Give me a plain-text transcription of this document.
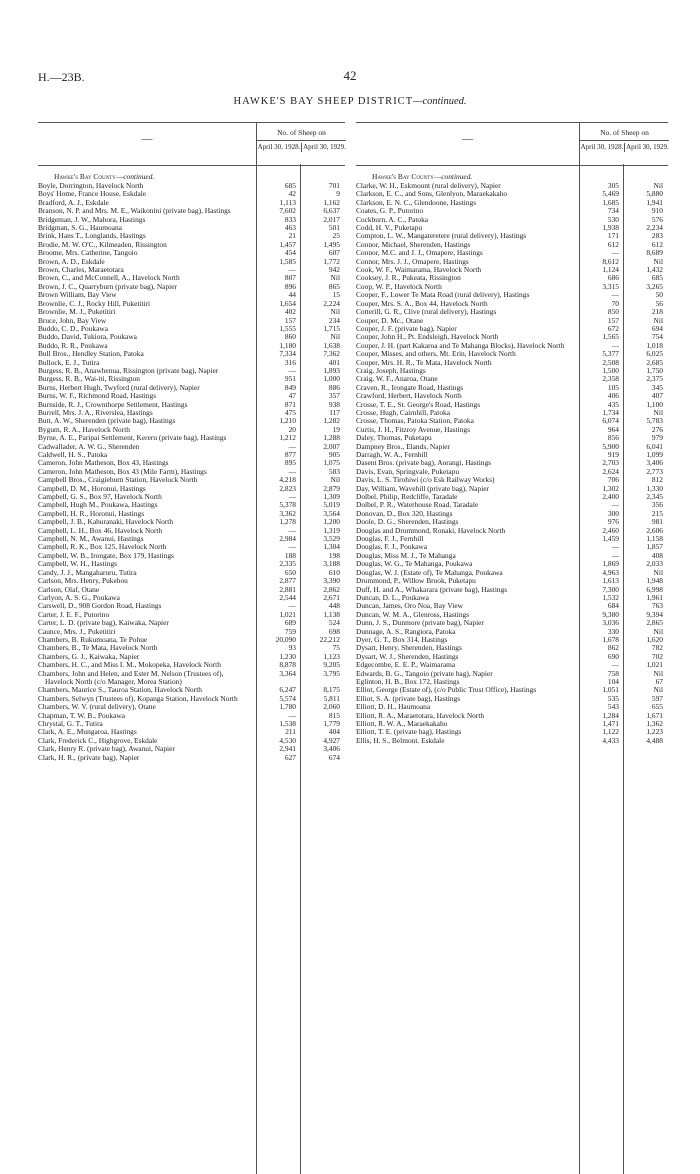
H.—23B.	42
HAWKE'S BAY SHEEP DISTRICT—continued.
—
No. of Sheep on
April 30, 1928. April 30, 1929.
Hawke's Bay County—continued.
Boyle, Dorrington, Havelock North	685	701
Boys' Home, France House, Eskdale	42	9
Bradford, A. J., Eskdale	1,113	1,162
Branson, N. P. and Mrs. M. E., Waikonini (private bag), Hastings	7,602	6,637
Bridgeman, J. W., Mahora, Hastings	833	2,017
Bridgman, S. G., Haumoana	463	501
Brink, Hans T., Longlands, Hastings	21	25
Brodie, M. W. O'C., Kilmeaden, Rissington	1,457	1,495
Broome, Mrs. Catherine, Tangoio	454	607
Brown, A. D., Eskdale	1,585	1,772
Brown, Charles, Maraetotara	—	942
Brown, C., and McConnell, A., Havelock North	807	Nil
Brown, J. C., Quarryburn (private bag), Napier	896	865
Brown William, Bay View	44	15
Brownlie, C. J., Rocky Hill, Puketitiri	1,654	2,224
Brownlie, M. J., Puketitiri	402	Nil
Bruce, John, Bay View	157	234
Buddo, C. D., Poukawa	1,555	1,715
Buddo, David, Tukiora, Poukawa	860	Nil
Buddo, R. R., Poukawa	1,180	1,638
Bull Bros., Hendley Station, Patoka	7,334	7,362
Bullock, E. J., Tutira	316	401
Burgess, R. B., Anawhenua, Rissington (private bag), Napier	—	1,893
Burgess, R. B., Wai-iti, Rissington	951	1,000
Burns, Herbert Hugh, Twyford (rural delivery), Napier	849	886
Burns, W. F., Richmond Road, Hastings	47	357
Burnside, R. J., Crownthorpe Settlement, Hastings	871	938
Burrell, Mrs. J. A., Riverslea, Hastings	475	117
Butt, A. W., Sherenden (private bag), Hastings	1,210	1,282
Bygum, R. A., Havelock North	20	19
Byrne, A. E., Paripai Settlement, Kereru (private bag), Hastings	1,212	1,288
Cadwallader, A. W. G., Sherenden	—	2,007
Caldwell, H. S., Patoka	877	905
Cameron, John Matheson, Box 43, Hastings	895	1,075
Cameron, John Matheson, Box 43 (Mile Farm), Hastings	—	583
Campbell Bros., Craigieburn Station, Havelock North	4,218	Nil
Campbell, D. M., Horonui, Hastings	2,823	2,879
Campbell, G. S., Box 97, Havelock North	—	1,309
Campbell, Hugh M., Poukawa, Hastings	5,378	5,019
Campbell, H. R., Horonui, Hastings	3,362	3,564
Campbell, J. B., Kahuranaki, Havelock North	1,278	1,200
Campbell, L. H., Box 46, Havelock North	—	1,319
Campbell, N. M., Awanui, Hastings	2,984	3,529
Campbell, R. K., Box 125, Havelock North	—	1,304
Campbell, W. B., Irongate, Box 179, Hastings	188	198
Campbell, W. H., Hastings	2,335	3,188
Candy, J. J., Mangaharuru, Tutira	650	610
Carlson, Mrs. Henry, Pukehou	2,877	3,390
Carlson, Olaf, Otane	2,881	2,862
Carlyon, A. S. G., Poukawa	2,544	2,671
Carswell, D., 908 Gordon Road, Hastings	—	448
Carter, J. E. F., Putorino	1,021	1,138
Carter, L. D. (private bag), Kaiwaka, Napier	689	524
Caunce, Mrs. J., Puketitiri	759	698
Chambers, B. Rukumoana, Te Pohue	20,090	22,212
Chambers, B., Te Mata, Havelock North	93	75
Chambers, G. J., Kaiwaka, Napier	1,230	1,123
Chambers, H. C., and Miss I. M., Mokopeka, Havelock North	8,878	9,205
Chambers, John and Helen, and Ester M. Nelson (Trustees of), Havelock North (c/o Manager, Morea Station)
3,364	3,795
Chambers, Maurice S., Tauroa Station, Havelock North	6,247	8,175
Chambers, Selwyn (Trustees of), Kopanga Station, Havelock North	5,574	5,811
Chambers, W. V. (rural delivery), Otane	1,780	2,060
Chapman, T. W. B., Poukawa	—	815
Chrystal, G. T., Tutira	1,538	1,779
Clark, A. E., Mungaroa, Hastings	211	404
Clark, Frederick C., Highgrove, Eskdale	4,530	4,927
Clark, Henry R. (private bag), Awanui, Napier	2,941	3,406
Clark, H. R., (private bag), Napier	627	674
—
No. of Sheep on
April 30, 1928. April 30, 1929.
Hawke's Bay County—continued.
Clarke, W. H., Eskmount (rural delivery), Napier	305	Nil
Clarkson, E. C., and Sons, Glenlyon, Maraekakaho	5,469	5,880
Clarkson, E. N. C., Glendoone, Hastings	1,685	1,941
Coates, G. P., Putorino	734	910
Cockburn, A. C., Patoka	530	576
Codd, H. V., Puketapu	1,938	2,234
Compton, L. W., Mangateretere (rural delivery), Hastings	171	283
Connor, Michael, Sherenden, Hastings	612	612
Connor, M.C. and J. J., Omapere, Hastings	—	8,689
Connor, Mrs. J. J., Omapere, Hastings	8,612	Nil
Cook, W. F., Waimarama, Havelock North	1,124	1,432
Cooksey, J. R., Pukeata, Rissington	686	685
Coop, W. P., Havelock North	3,315	3,265
Cooper, F., Lower Te Mata Road (rural delivery), Hastings	—	50
Cooper, Mrs. S. A., Box 44, Havelock North	70	56
Cotterill, G. R., Clive (rural delivery), Hastings	850	218
Couper, D. Mc., Otane	157	Nil
Couper, J. F. (private bag), Napier	672	694
Couper, John H., Pt. Endsleigh, Havelock North	1,565	754
Couper, J. H. (part Kakaroa and Te Mahanga Blocks), Havelock North	—	1,018
Couper, Misses, and others, Mt. Erin, Havelock North	5,377	6,025
Couper, Mrs. H. R., Te Mata, Havelock North	2,508	2,685
Craig, Joseph, Hastings	1,500	1,750
Craig, W. F., Anaroa, Otane	2,358	2,375
Craven, R., Irongate Road, Hastings	105	345
Crawford, Herbert, Havelock North	406	407
Crosse, T. E., St. George's Road, Hastings	435	1,100
Crosse, Hugh, Cairnhill, Patoka	1,734	Nil
Crosse, Thomas, Patoka Station, Patoka	6,074	5,783
Curtis, J. H., Fitzroy Avenue, Hastings	964	276
Daley, Thomas, Puketapu	856	979
Dampney Bros., Elands, Napier	5,900	6,041
Darragh, W. A., Fernhill	919	1,099
Dasent Bros. (private bag), Aorangi, Hastings	2,703	3,406
Davis, Evan, Springvale, Puketapu	2,624	2,773
Davis, L. S. Tirohiwi (c/o Esk Railway Works)	706	812
Day, William, Wavehill (private bag), Napier	1,302	1,330
Dolbel, Philip, Redcliffe, Taradale	2,400	2,345
Dolbel, P. R., Waterhouse Road, Taradale	—	356
Donovan, D., Box 320, Hastings	300	215
Doole, D. G., Sherenden, Hastings	976	981
Douglas and Drummond, Ronaki, Havelock North	2,460	2,606
Douglas, F. J., Fernhill	1,459	1,158
Douglas, F. J., Poukawa	—	1,857
Douglas, Miss M. J., Te Mahanga	—	408
Douglas, W. G., Te Mahanga, Poukawa	1,869	2,033
Douglas, W. J. (Estate of), Te Mahanga, Poukawa	4,963	Nil
Drummond, P., Willow Brook, Puketapu	1,613	1,948
Duff, H. and A., Whakarara (private bag), Hastings	7,300	6,998
Duncan, D. L., Poukawa	1,532	1,961
Duncan, James, Oro Noa, Bay View	684	763
Duncan, W. M. A., Glenross, Hastings	9,380	9,394
Dunn, J. S., Dunmore (private bag), Napier	3,036	2,865
Dunnage, A. S., Rangiora, Patoka	330	Nil
Dyer, G. T., Box 314, Hastings	1,678	1,620
Dysart, Henry, Sherenden, Hastings	862	782
Dysart, W. J., Sherenden, Hastings	690	702
Edgecombe, E. E. P., Waimarama	—	1,021
Edwards, B. G., Tangoio (private bag), Napier	758	Nil
Eglinton, H. B., Box 172, Hastings	104	67
Elliot, George (Estate of), (c/o Public Trust Office), Hastings	1,051	Nil
Elliot, S. A. (private bag), Hastings	535	597
Elliott, D. H., Haumoana	543	655
Elliott, R. A., Maraetotara, Havelock North	1,284	1,671
Elliott, R. W. A., Maraekakaho	1,471	1,362
Elliott, T. E. (private bag), Hastings	1,122	1,223
Ellis, H. S., Belmont. Eskdale	4,433	4,488
